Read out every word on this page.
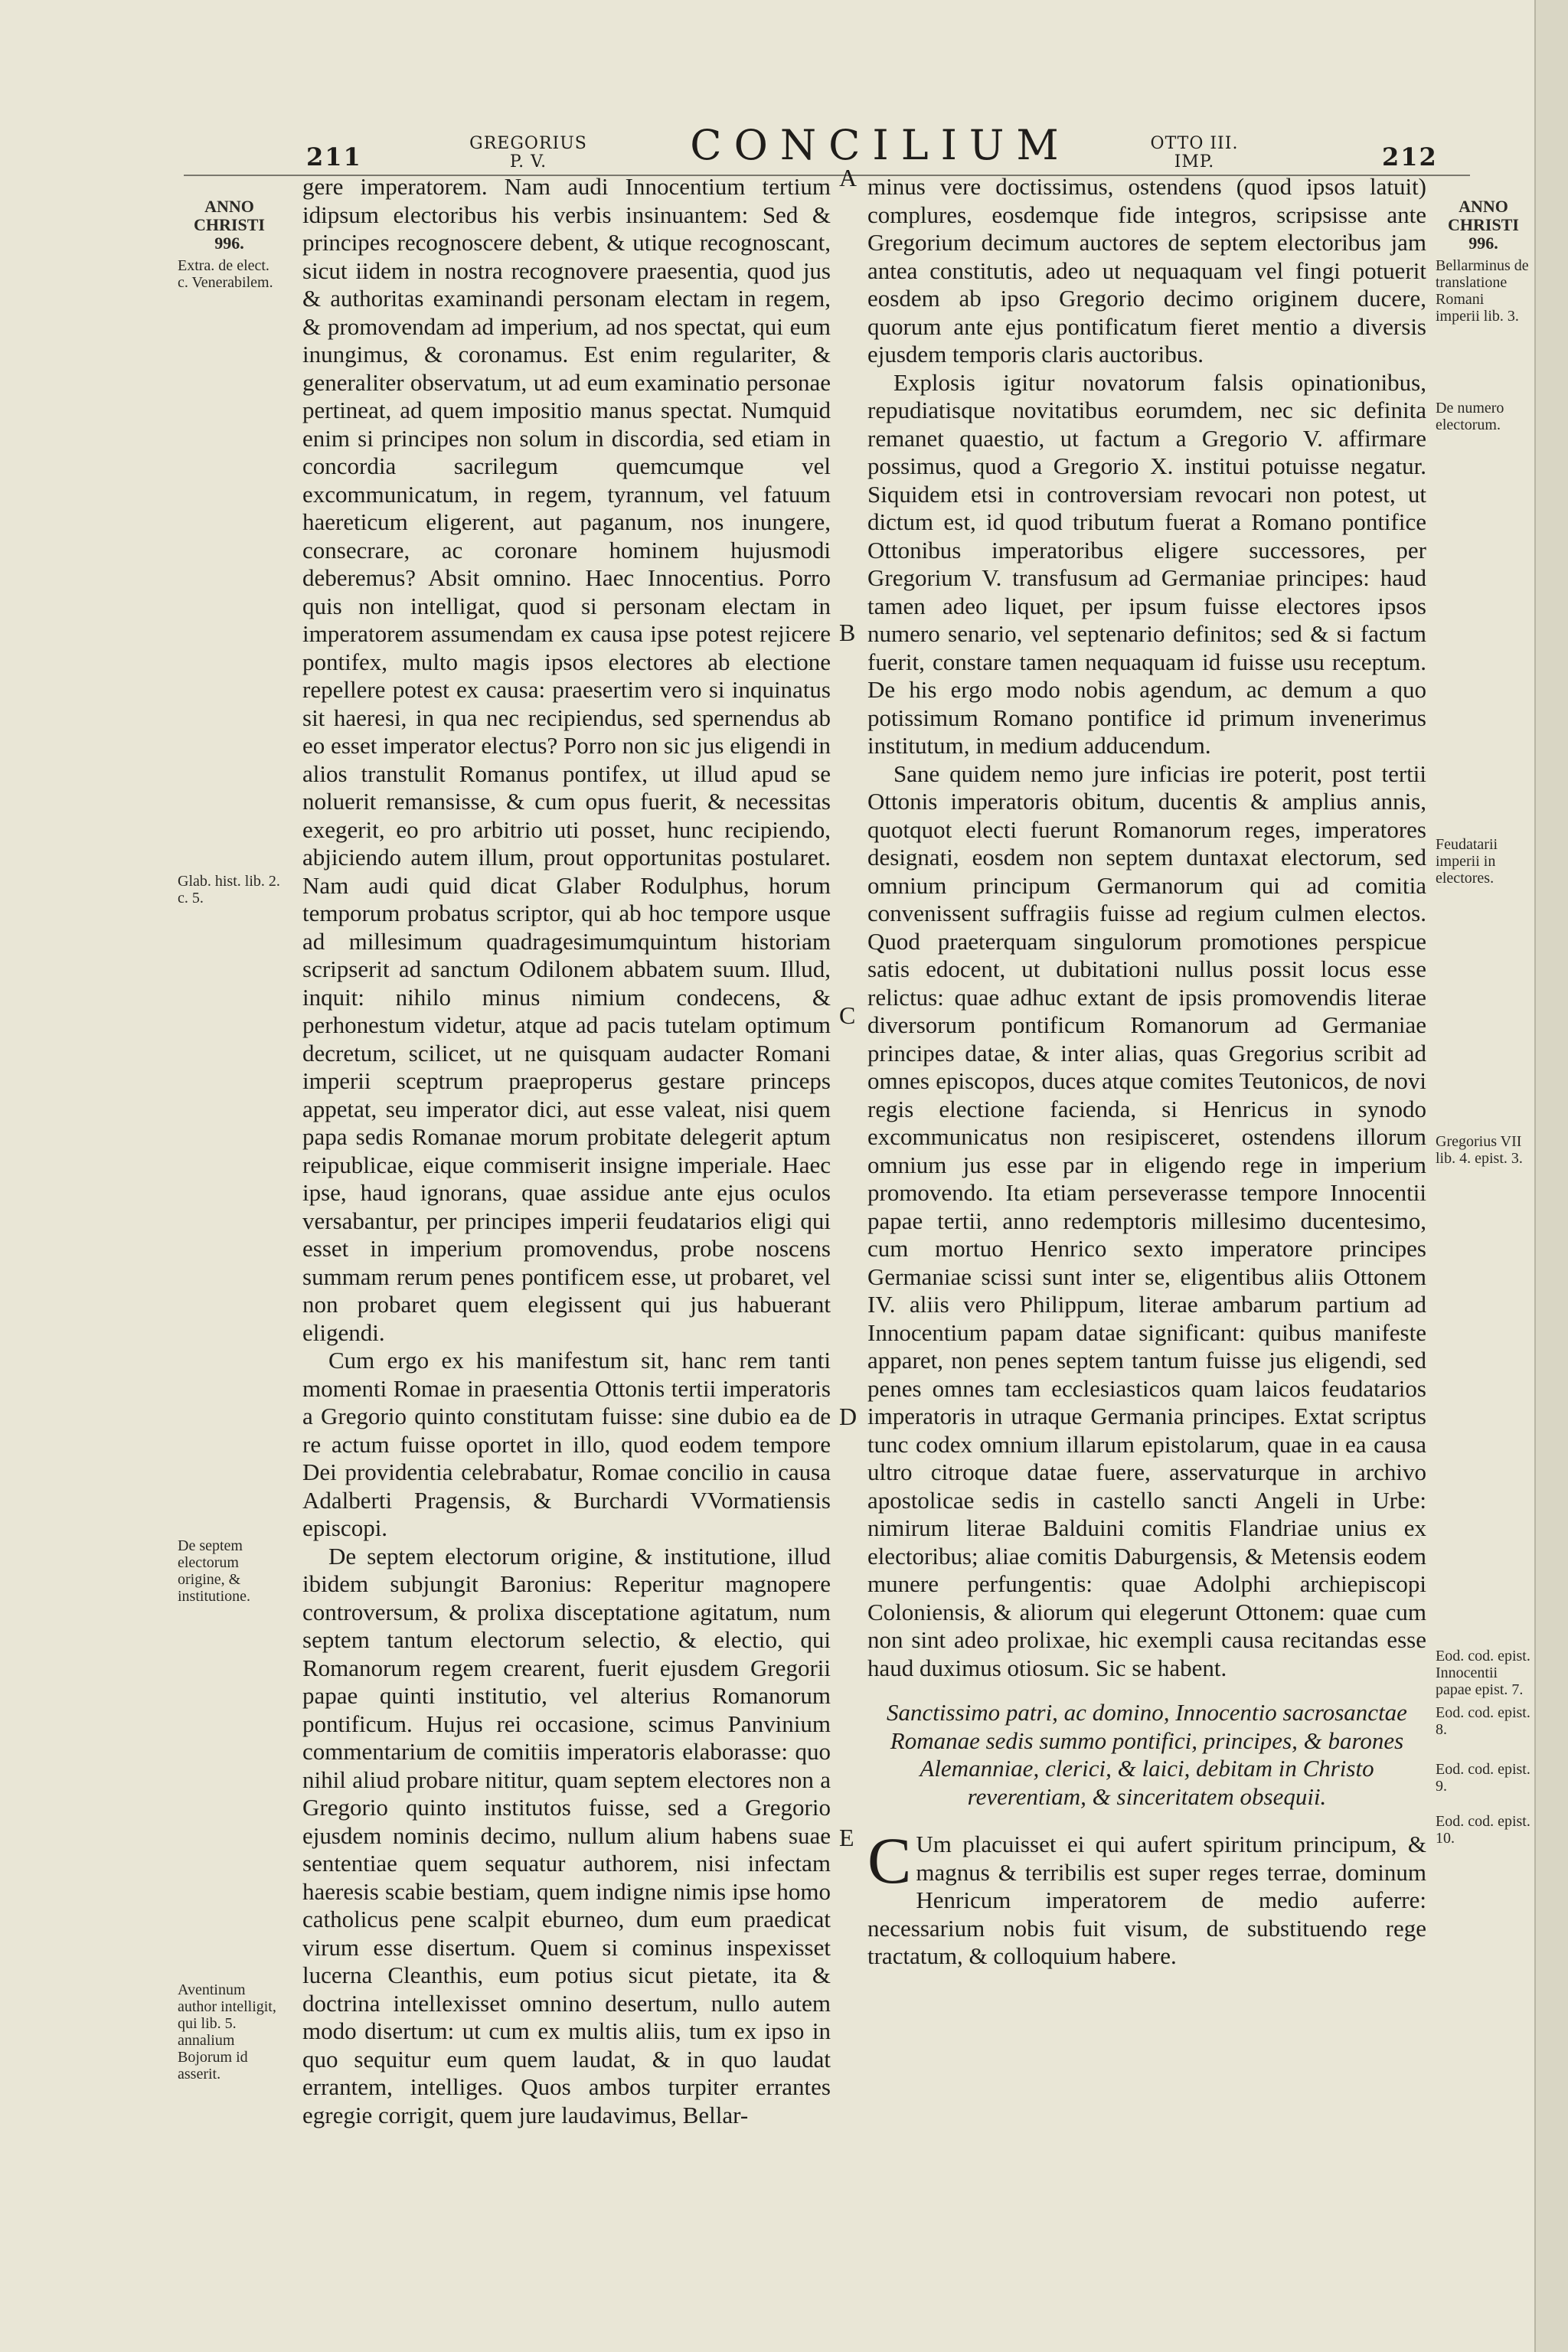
211	GREGORIUS
P. V.	CONCILIUM	OTTO III.
IMP.	212
ANNO
CHRISTI
996.
Extra. de elect. c. Venerabilem.
Glab. hist. lib. 2. c. 5.
De septem electorum origine, & institutione.
Aventinum author intelligit, qui lib. 5. annalium Bojorum id asserit.
ANNO
CHRISTI
996.
Bellarminus de translatione Romani imperii lib. 3.
De numero electorum.
Feudatarii imperii in electores.
Gregorius VII lib. 4. epist. 3.
Eod. cod. epist. Innocentii papae epist. 7.
Eod. cod. epist. 8.
Eod. cod. epist. 9.
Eod. cod. epist. 10.
A
B
C
D
E

gere imperatorem. Nam audi Innocentium tertium idipsum electoribus his verbis insinuantem: Sed & principes recognoscere debent, & utique recognoscant, sicut iidem in nostra recognovere praesentia, quod jus & authoritas examinandi personam electam in regem, & promovendam ad imperium, ad nos spectat, qui eum inungimus, & coronamus. Est enim regulariter, & generaliter observatum, ut ad eum examinatio personae pertineat, ad quem impositio manus spectat. Numquid enim si principes non solum in discordia, sed etiam in concordia sacrilegum quemcumque vel excommunicatum, in regem, tyrannum, vel fatuum haereticum eligerent, aut paganum, nos inungere, consecrare, ac coronare hominem hujusmodi deberemus? Absit omnino. Haec Innocentius. Porro quis non intelligat, quod si personam electam in imperatorem assumendam ex causa ipse potest rejicere pontifex, multo magis ipsos electores ab electione repellere potest ex causa: praesertim vero si inquinatus sit haeresi, in qua nec recipiendus, sed spernendus ab eo esset imperator electus? Porro non sic jus eligendi in alios transtulit Romanus pontifex, ut illud apud se noluerit remansisse, & cum opus fuerit, & necessitas exegerit, eo pro arbitrio uti posset, hunc recipiendo, abjiciendo autem illum, prout opportunitas postularet. Nam audi quid dicat Glaber Rodulphus, horum temporum probatus scriptor, qui ab hoc tempore usque ad millesimum quadragesimumquintum historiam scripserit ad sanctum Odilonem abbatem suum. Illud, inquit: nihilo minus nimium condecens, & perhonestum videtur, atque ad pacis tutelam optimum decretum, scilicet, ut ne quisquam audacter Romani imperii sceptrum praeproperus gestare princeps appetat, seu imperator dici, aut esse valeat, nisi quem papa sedis Romanae morum probitate delegerit aptum reipublicae, eique commiserit insigne imperiale. Haec ipse, haud ignorans, quae assidue ante ejus oculos versabantur, per principes imperii feudatarios eligi qui esset in imperium promovendus, probe noscens summam rerum penes pontificem esse, ut probaret, vel non probaret quem elegissent qui jus habuerant eligendi.

Cum ergo ex his manifestum sit, hanc rem tanti momenti Romae in praesentia Ottonis tertii imperatoris a Gregorio quinto constitutam fuisse: sine dubio ea de re actum fuisse oportet in illo, quod eodem tempore Dei providentia celebrabatur, Romae concilio in causa Adalberti Pragensis, & Burchardi VVormatiensis episcopi.

De septem electorum origine, & institutione, illud ibidem subjungit Baronius: Reperitur magnopere controversum, & prolixa disceptatione agitatum, num septem tantum electorum selectio, & electio, qui Romanorum regem crearent, fuerit ejusdem Gregorii papae quinti institutio, vel alterius Romanorum pontificum. Hujus rei occasione, scimus Panvinium commentarium de comitiis imperatoris elaborasse: quo nihil aliud probare nititur, quam septem electores non a Gregorio quinto institutos fuisse, sed a Gregorio ejusdem nominis decimo, nullum alium habens suae sententiae quem sequatur authorem, nisi infectam haeresis scabie bestiam, quem indigne nimis ipse homo catholicus pene scalpit eburneo, dum eum praedicat virum esse disertum. Quem si cominus inspexisset lucerna Cleanthis, eum potius sicut pietate, ita & doctrina intellexisset omnino desertum, nullo autem modo disertum: ut cum ex multis aliis, tum ex ipso in quo sequitur eum quem laudat, & in quo laudat errantem, intelliges. Quos ambos turpiter errantes egregie corrigit, quem jure laudavimus, Bellar-

minus vere doctissimus, ostendens (quod ipsos latuit) complures, eosdemque fide integros, scripsisse ante Gregorium decimum auctores de septem electoribus jam antea constitutis, adeo ut nequaquam vel fingi potuerit eosdem ab ipso Gregorio decimo originem ducere, quorum ante ejus pontificatum fieret mentio a diversis ejusdem temporis claris auctoribus.

Explosis igitur novatorum falsis opinationibus, repudiatisque novitatibus eorumdem, nec sic definita remanet quaestio, ut factum a Gregorio V. affirmare possimus, quod a Gregorio X. institui potuisse negatur. Siquidem etsi in controversiam revocari non potest, ut dictum est, id quod tributum fuerat a Romano pontifice Ottonibus imperatoribus eligere successores, per Gregorium V. transfusum ad Germaniae principes: haud tamen adeo liquet, per ipsum fuisse electores ipsos numero senario, vel septenario definitos; sed & si factum fuerit, constare tamen nequaquam id fuisse usu receptum. De his ergo modo nobis agendum, ac demum a quo potissimum Romano pontifice id primum invenerimus institutum, in medium adducendum.

Sane quidem nemo jure inficias ire poterit, post tertii Ottonis imperatoris obitum, ducentis & amplius annis, quotquot electi fuerunt Romanorum reges, imperatores designati, eosdem non septem duntaxat electorum, sed omnium principum Germanorum qui ad comitia convenissent suffragiis fuisse ad regium culmen electos. Quod praeterquam singulorum promotiones perspicue satis edocent, ut dubitationi nullus possit locus esse relictus: quae adhuc extant de ipsis promovendis literae diversorum pontificum Romanorum ad Germaniae principes datae, & inter alias, quas Gregorius scribit ad omnes episcopos, duces atque comites Teutonicos, de novi regis electione facienda, si Henricus in synodo excommunicatus non resipisceret, ostendens illorum omnium jus esse par in eligendo rege in imperium promovendo. Ita etiam perseverasse tempore Innocentii papae tertii, anno redemptoris millesimo ducentesimo, cum mortuo Henrico sexto imperatore principes Germaniae scissi sunt inter se, eligentibus aliis Ottonem IV. aliis vero Philippum, literae ambarum partium ad Innocentium papam datae significant: quibus manifeste apparet, non penes septem tantum fuisse jus eligendi, sed penes omnes tam ecclesiasticos quam laicos feudatarios imperatoris in utraque Germania principes. Extat scriptus tunc codex omnium illarum epistolarum, quae in ea causa ultro citroque datae fuere, asservaturque in archivo apostolicae sedis in castello sancti Angeli in Urbe: nimirum literae Balduini comitis Flandriae unius ex electoribus; aliae comitis Daburgensis, & Metensis eodem munere perfungentis: quae Adolphi archiepiscopi Coloniensis, & aliorum qui elegerunt Ottonem: quae cum non sint adeo prolixae, hic exempli causa recitandas esse haud duximus otiosum. Sic se habent.

Sanctissimo patri, ac domino, Innocentio sacrosanctae Romanae sedis summo pontifici, principes, & barones Alemanniae, clerici, & laici, debitam in Christo reverentiam, & sinceritatem obsequii.

C Um placuisset ei qui aufert spiritum principum, & magnus & terribilis est super reges terrae, dominum Henricum imperatorem de medio auferre: necessarium nobis fuit visum, de substituendo rege tractatum, & colloquium habere.
